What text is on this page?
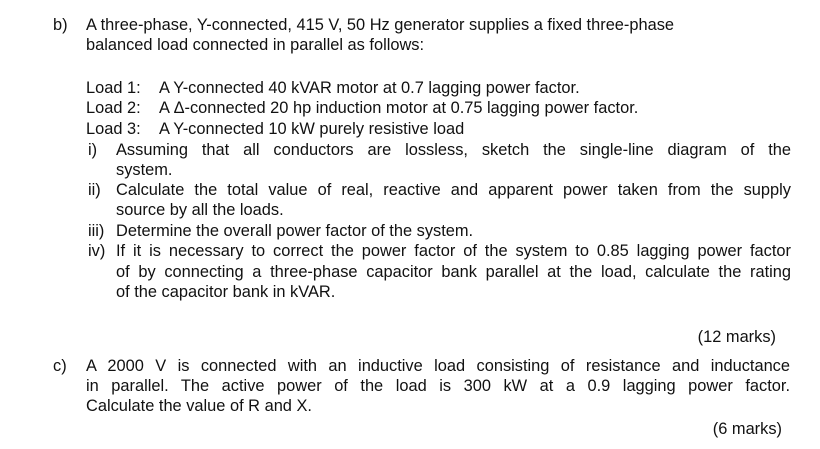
b) A three-phase, Y-connected, 415 V, 50 Hz generator supplies a fixed three-phase
balanced load connected in parallel as follows:
Load 1: A Y-connected 40 kVAR motor at 0.7 lagging power factor.
Load 2: A Δ-connected 20 hp induction motor at 0.75 lagging power factor.
Load 3: A Y-connected 10 kW purely resistive load
i) Assuming that all conductors are lossless, sketch the single-line diagram of the
system.
ii) Calculate the total value of real, reactive and apparent power taken from the supply
source by all the loads.
iii) Determine the overall power factor of the system.
iv) If it is necessary to correct the power factor of the system to 0.85 lagging power factor
of by connecting a three-phase capacitor bank parallel at the load, calculate the rating
of the capacitor bank in kVAR.
(12 marks)
c) A 2000 V is connected with an inductive load consisting of resistance and inductance
in parallel. The active power of the load is 300 kW at a 0.9 lagging power factor.
Calculate the value of R and X.
(6 marks)
